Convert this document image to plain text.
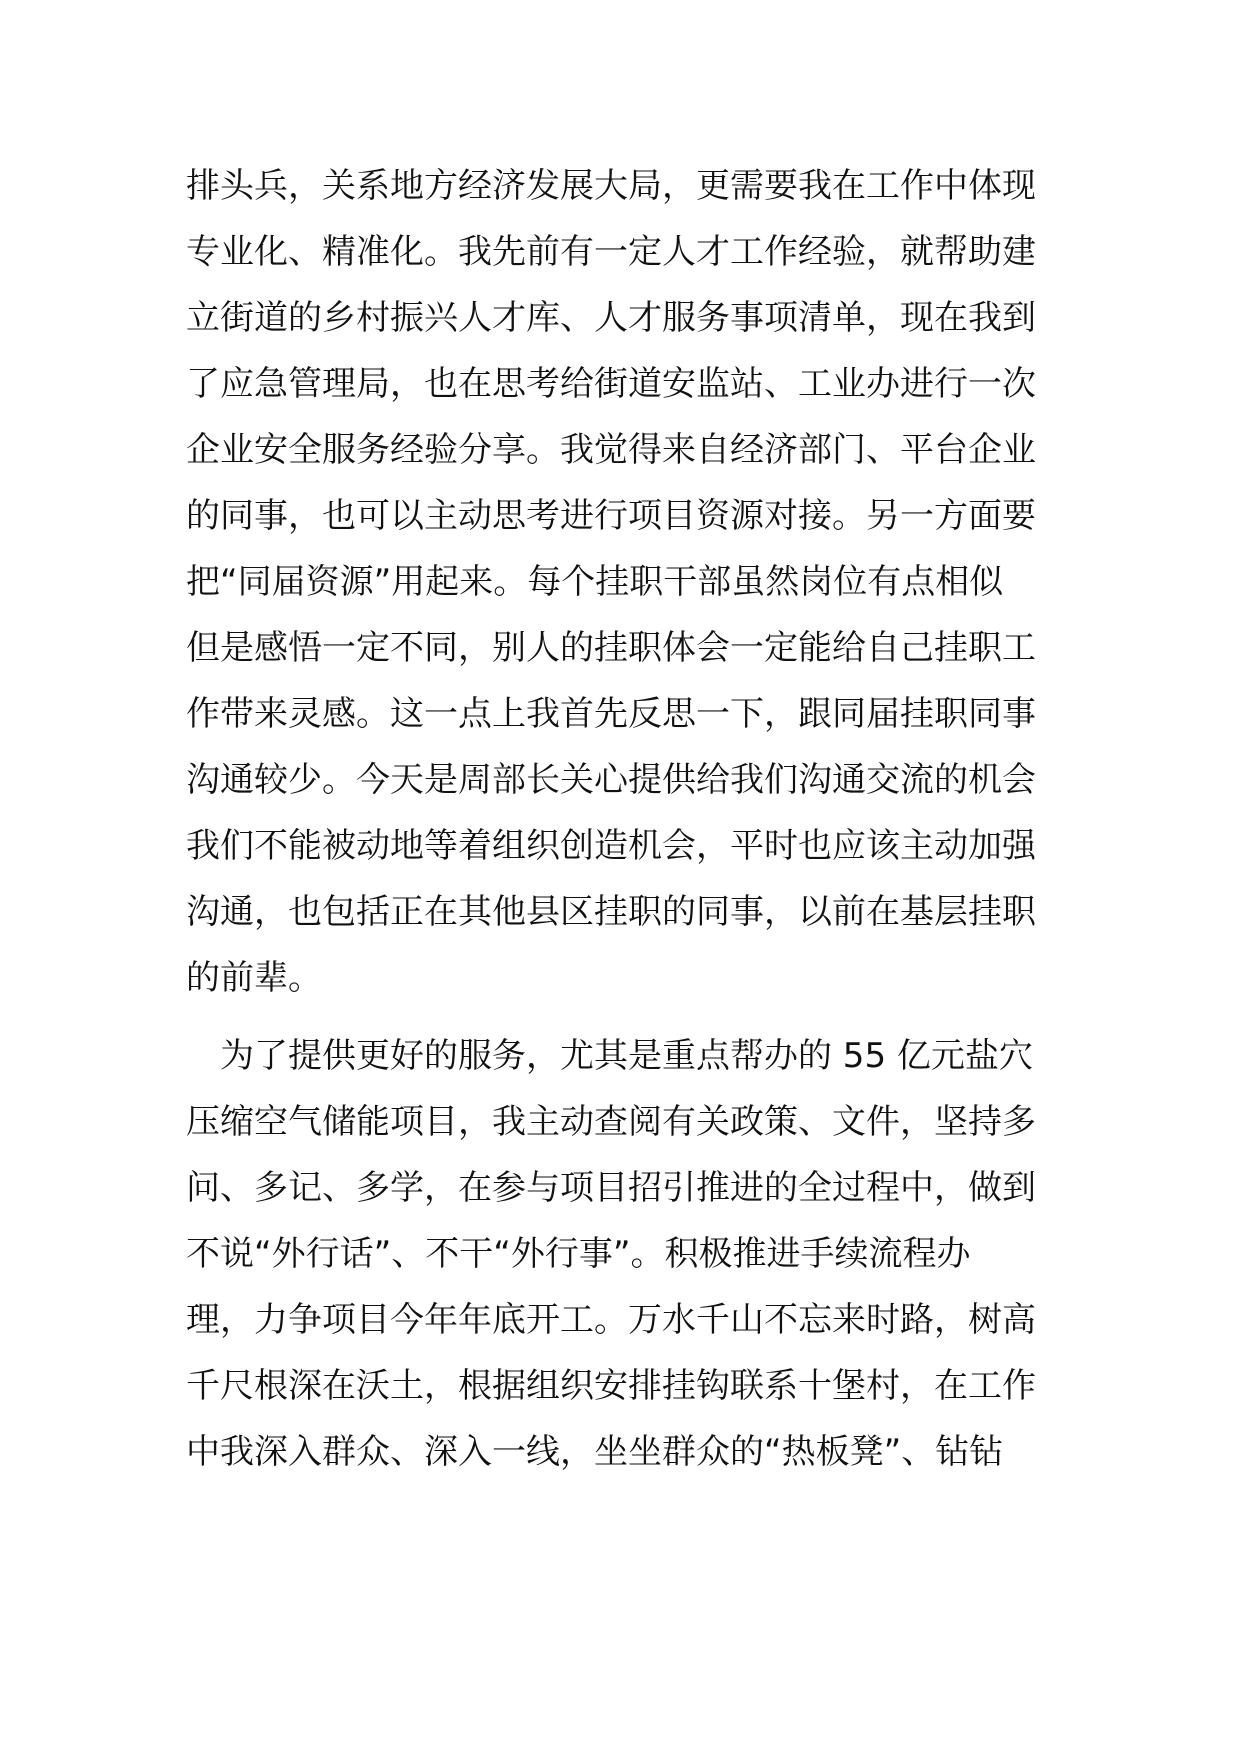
排头兵，关系地方经济发展大局，更需要我在工作中体现
专业化、精准化。我先前有一定人才工作经验，就帮助建
立街道的乡村振兴人才库、人才服务事项清单，现在我到
了应急管理局，也在思考给街道安监站、工业办进行一次
企业安全服务经验分享。我觉得来自经济部门、平台企业
的同事，也可以主动思考进行项目资源对接。另一方面要
把“同届资源”用起来。每个挂职干部虽然岗位有点相似
但是感悟一定不同，别人的挂职体会一定能给自己挂职工
作带来灵感。这一点上我首先反思一下，跟同届挂职同事
沟通较少。今天是周部长关心提供给我们沟通交流的机会
我们不能被动地等着组织创造机会，平时也应该主动加强
沟通，也包括正在其他县区挂职的同事，以前在基层挂职
的前辈。
　为了提供更好的服务，尤其是重点帮办的 55 亿元盐穴
压缩空气储能项目，我主动查阅有关政策、文件，坚持多
问、多记、多学，在参与项目招引推进的全过程中，做到
不说“外行话”、不干“外行事”。积极推进手续流程办
理，力争项目今年年底开工。万水千山不忘来时路，树高
千尺根深在沃土，根据组织安排挂钩联系十堡村，在工作
中我深入群众、深入一线，坐坐群众的“热板凳”、钻钻
